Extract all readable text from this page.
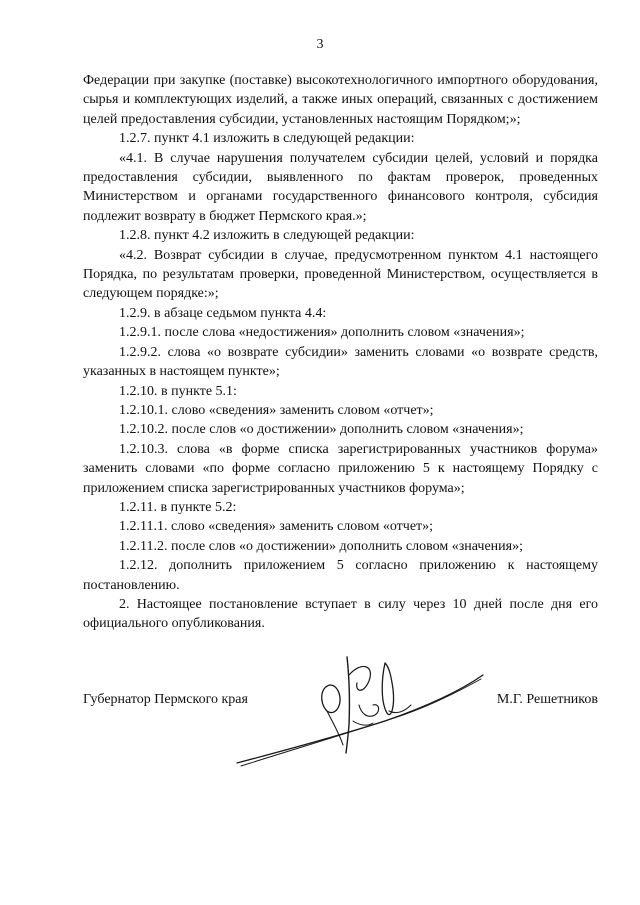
3

Федерации при закупке (поставке) высокотехнологичного импортного оборудования, сырья и комплектующих изделий, а также иных операций, связанных с достижением целей предоставления субсидии, установленных настоящим Порядком;»;

1.2.7. пункт 4.1 изложить в следующей редакции:

«4.1. В случае нарушения получателем субсидии целей, условий и порядка предоставления субсидии, выявленного по фактам проверок, проведенных Министерством и органами государственного финансового контроля, субсидия подлежит возврату в бюджет Пермского края.»;

1.2.8. пункт 4.2 изложить в следующей редакции:

«4.2. Возврат субсидии в случае, предусмотренном пунктом 4.1 настоящего Порядка, по результатам проверки, проведенной Министерством, осуществляется в следующем порядке:»;

1.2.9. в абзаце седьмом пункта 4.4:

1.2.9.1. после слова «недостижения» дополнить словом «значения»;

1.2.9.2. слова «о возврате субсидии» заменить словами «о возврате средств, указанных в настоящем пункте»;

1.2.10. в пункте 5.1:

1.2.10.1. слово «сведения» заменить словом «отчет»;

1.2.10.2. после слов «о достижении» дополнить словом «значения»;

1.2.10.3. слова «в форме списка зарегистрированных участников форума» заменить словами «по форме согласно приложению 5 к настоящему Порядку с приложением списка зарегистрированных участников форума»;

1.2.11. в пункте 5.2:

1.2.11.1. слово «сведения» заменить словом «отчет»;

1.2.11.2. после слов «о достижении» дополнить словом «значения»;

1.2.12. дополнить приложением 5 согласно приложению к настоящему постановлению.

2. Настоящее постановление вступает в силу через 10 дней после дня его официального опубликования.

Губернатор Пермского края	М.Г. Решетников
